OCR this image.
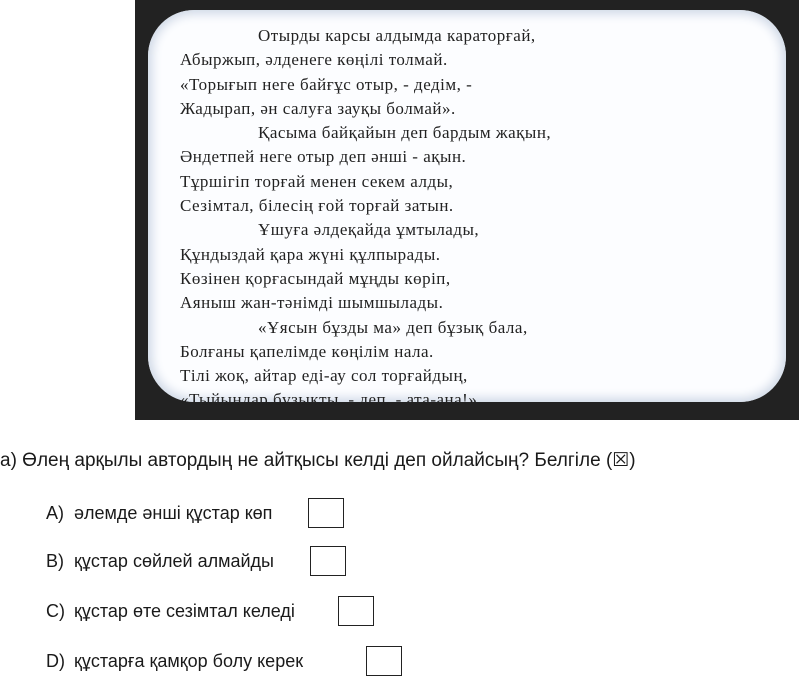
Отырды карсы алдымда караторғай,
Абыржып, әлденеге көңілі толмай.
«Торығып неге байғұс отыр, - дедім, -
Жадырап, ән салуға зауқы болмай».
Қасыма байқайын деп бардым жақын,
Әндетпей неге отыр деп әнші - ақын.
Тұршігіп торғай менен секем алды,
Сезімтал, білесің ғой торғай затын.
Ұшуға әлдеқайда ұмтылады,
Құндыздай қара жүні құлпырады.
Көзінен қорғасындай мұңды көріп,
Аяныш жан-тәнімді шымшылады.
«Ұясын бұзды ма» деп бұзық бала,
Болғаны қапелімде көңілім нала.
Тілі жоқ, айтар еді-ау сол торғайдың,
«Тыйыңдар бұзықты, - деп, - ата-ана!»
а) Өлең арқылы автордың не айтқысы келді деп ойлайсың? Белгіле (☒)
A) әлемде әнші құстар көп
B) құстар сөйлей алмайды
C) құстар өте сезімтал келеді
D) құстарға қамқор болу керек
